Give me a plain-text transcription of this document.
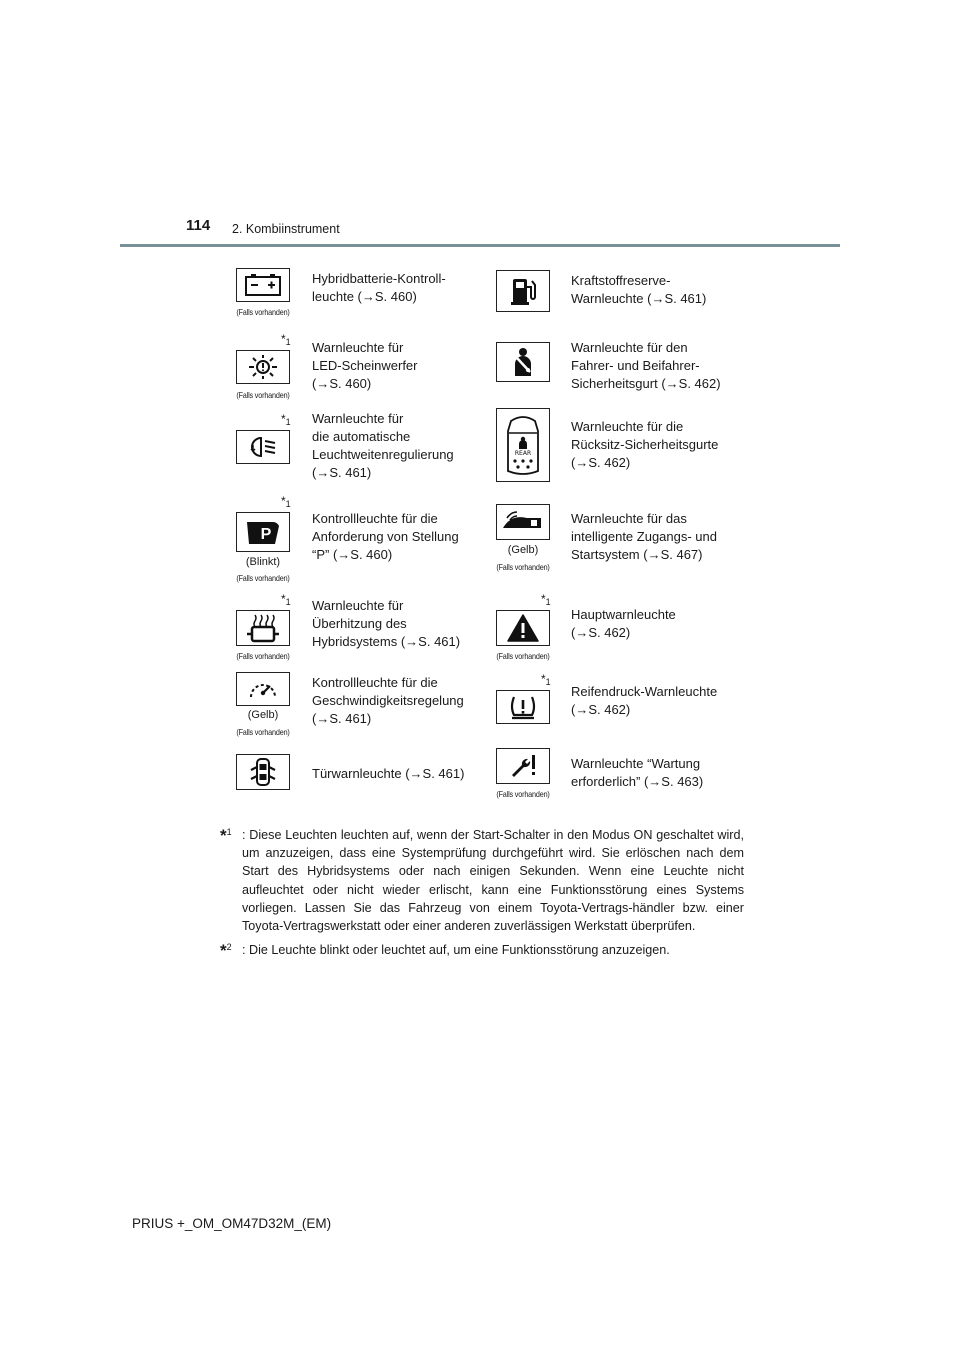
114 2. Kombiinstrument
(Falls vorhanden)
Hybridbatterie-Kontroll-
leuchte (→S. 460)
Kraftstoffreserve-
Warnleuchte (→S. 461)
$*_1$
(Falls vorhanden)
Warnleuchte für
LED-Scheinwerfer
(→S. 460)
Warnleuchte für den
Fahrer- und Beifahrer-
Sicherheitsgurt (→S. 462)
$*_1$ Warnleuchte für
die automatische
Leuchtweitenregulierung
(→S. 461)
REAR
Warnleuchte für die
Rücksitz-Sicherheitsgurte
(→S. 462)
$*_1$
P
(Blinkt)
(Falls vorhanden)
Kontrollleuchte für die
Anforderung von Stellung
“P” (→S. 460)	(Gelb)
(Falls vorhanden)
Warnleuchte für das
intelligente Zugangs- und
Startsystem (→S. 467)
$*_1$
(Falls vorhanden)
Warnleuchte für
Überhitzung des
Hybridsystems (→S. 461)
$*_1$
(Falls vorhanden)
Hauptwarnleuchte
(→S. 462)
(Gelb)
(Falls vorhanden)
Kontrollleuchte für die
Geschwindigkeitsregelung
(→S. 461)
$*_1$
Reifendruck-Warnleuchte
(→S. 462)
Türwarnleuchte (→S. 461)
(Falls vorhanden)
Warnleuchte “Wartung
erforderlich” (→S. 463)
*$^1$ : Diese Leuchten leuchten auf, wenn der Start-Schalter in den Modus ON geschaltet wird, um anzuzeigen, dass eine Systemprüfung durchgeführt wird. Sie erlöschen nach dem Start des Hybridsystems oder nach einigen Sekunden. Wenn eine Leuchte nicht aufleuchtet oder nicht wieder erlischt, kann eine Funktionsstörung eines Systems vorliegen. Lassen Sie das Fahrzeug von einem Toyota-Vertrags-händler bzw. einer Toyota-Vertragswerkstatt oder einer anderen zuverlässigen Werkstatt überprüfen.
*$^2$ : Die Leuchte blinkt oder leuchtet auf, um eine Funktionsstörung anzuzeigen.
PRIUS +_OM_OM47D32M_(EM)
